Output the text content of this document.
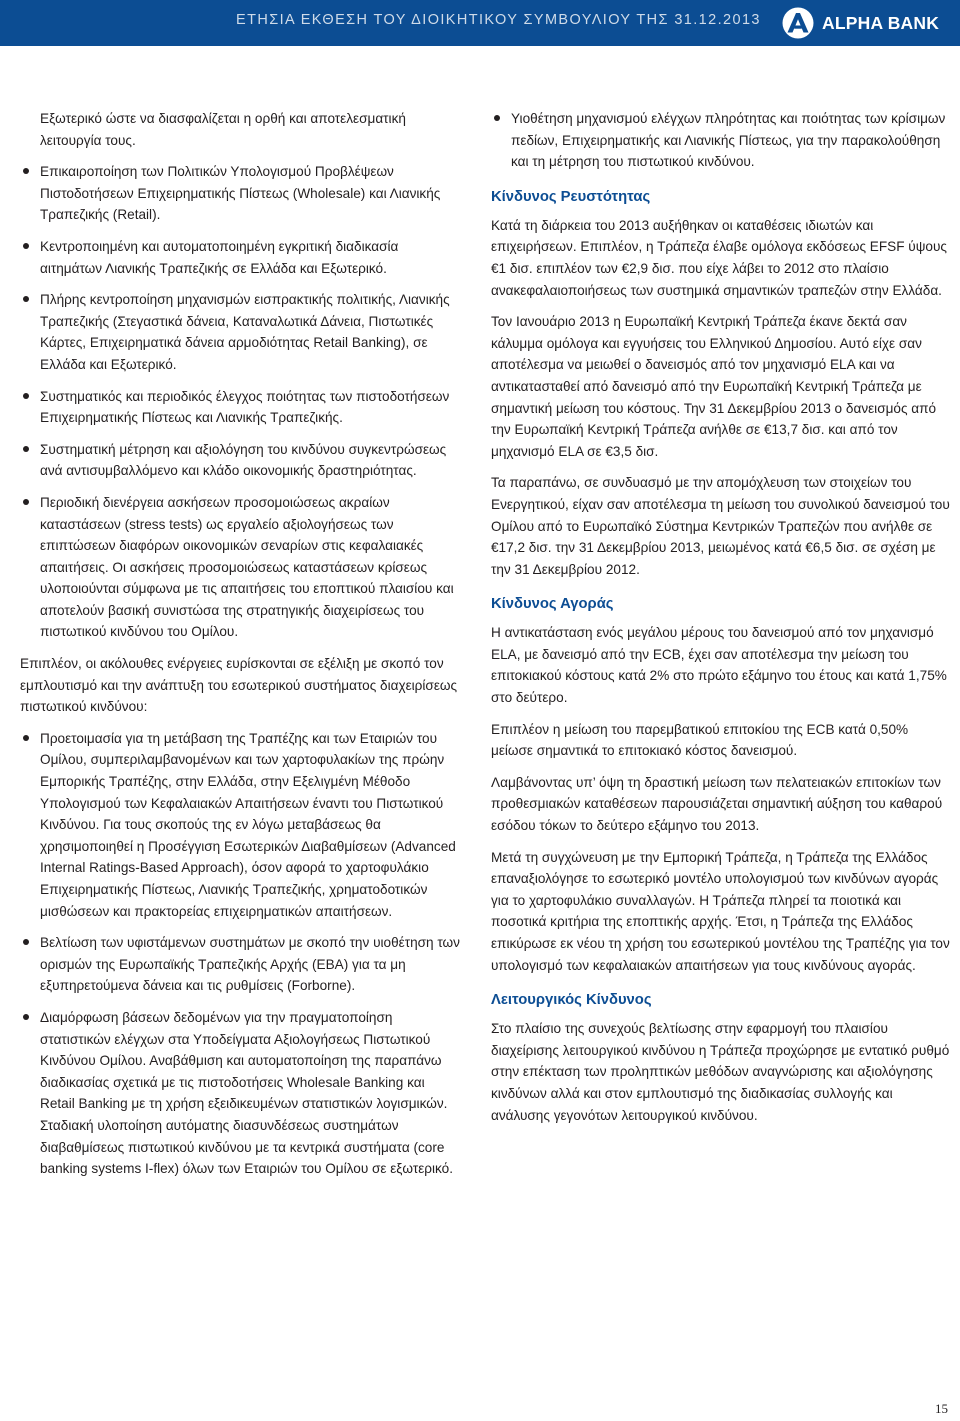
ΕΤΗΣΙΑ ΕΚΘΕΣΗ ΤΟΥ ΔΙΟΙΚΗΤΙΚΟΥ ΣΥΜΒΟΥΛΙΟΥ ΤΗΣ 31.12.2013	ALPHA BANK

Εξωτερικό ώστε να διασφαλίζεται η ορθή και αποτελεσματική λειτουργία τους.

Επικαιροποίηση των Πολιτικών Υπολογισμού Προβλέψεων Πιστοδοτήσεων Επιχειρηματικής Πίστεως (Wholesale) και Λιανικής Τραπεζικής (Retail).
Κεντροποιημένη και αυτοματοποιημένη εγκριτική διαδικασία αιτημάτων Λιανικής Τραπεζικής σε Ελλάδα και Εξωτερικό.
Πλήρης κεντροποίηση μηχανισμών εισπρακτικής πολιτικής, Λιανικής Τραπεζικής (Στεγαστικά δάνεια, Καταναλωτικά Δάνεια, Πιστωτικές Κάρτες, Επιχειρηματικά δάνεια αρμοδιότητας Retail Banking), σε Ελλάδα και Εξωτερικό.
Συστηματικός και περιοδικός έλεγχος ποιότητας των πιστοδοτήσεων Επιχειρηματικής Πίστεως και Λιανικής Τραπεζικής.
Συστηματική μέτρηση και αξιολόγηση του κινδύνου συγκεντρώσεως ανά αντισυμβαλλόμενο και κλάδο οικονομικής δραστηριότητας.
Περιοδική διενέργεια ασκήσεων προσομοιώσεως ακραίων καταστάσεων (stress tests) ως εργαλείο αξιολογήσεως των επιπτώσεων διαφόρων οικονομικών σεναρίων στις κεφαλαιακές απαιτήσεις. Οι ασκήσεις προσομοιώσεως καταστάσεων κρίσεως υλοποιούνται σύμφωνα με τις απαιτήσεις του εποπτικού πλαισίου και αποτελούν βασική συνιστώσα της στρατηγικής διαχειρίσεως του πιστωτικού κινδύνου του Ομίλου.

Επιπλέον, οι ακόλουθες ενέργειες ευρίσκονται σε εξέλιξη με σκοπό τον εμπλουτισμό και την ανάπτυξη του εσωτερικού συστήματος διαχειρίσεως πιστωτικού κινδύνου:

Προετοιμασία για τη μετάβαση της Τραπέζης και των Εταιριών του Ομίλου, συμπεριλαμβανομένων και των χαρτοφυλακίων της πρώην Εμπορικής Τραπέζης, στην Ελλάδα, στην Εξελιγμένη Μέθοδο Υπολογισμού των Κεφαλαιακών Απαιτήσεων έναντι του Πιστωτικού Κινδύνου. Για τους σκοπούς της εν λόγω μεταβάσεως θα χρησιμοποιηθεί η Προσέγγιση Εσωτερικών Διαβαθμίσεων (Advanced Internal Ratings-Based Approach), όσον αφορά το χαρτοφυλάκιο Επιχειρηματικής Πίστεως, Λιανικής Τραπεζικής, χρηματοδοτικών μισθώσεων και πρακτορείας επιχειρηματικών απαιτήσεων.
Βελτίωση των υφιστάμενων συστημάτων με σκοπό την υιοθέτηση των ορισμών της Ευρωπαϊκής Τραπεζικής Αρχής (ΕΒΑ) για τα μη εξυπηρετούμενα δάνεια και τις ρυθμίσεις (Forborne).
Διαμόρφωση βάσεων δεδομένων για την πραγματοποίηση στατιστικών ελέγχων στα Υποδείγματα Αξιολογήσεως Πιστωτικού Κινδύνου Ομίλου. Αναβάθμιση και αυτοματοποίηση της παραπάνω διαδικασίας σχετικά με τις πιστοδοτήσεις Wholesale Banking και Retail Banking με τη χρήση εξειδικευμένων στατιστικών λογισμικών. Σταδιακή υλοποίηση αυτόματης διασυνδέσεως συστημάτων διαβαθμίσεως πιστωτικού κινδύνου με τα κεντρικά συστήματα (core banking systems I-flex) όλων των Εταιριών του Ομίλου σε εξωτερικό.
Υιοθέτηση μηχανισμού ελέγχων πληρότητας και ποιότητας των κρίσιμων πεδίων, Επιχειρηματικής και Λιανικής Πίστεως, για την παρακολούθηση και τη μέτρηση του πιστωτικού κινδύνου.
Κίνδυνος Ρευστότητας

Κατά τη διάρκεια του 2013 αυξήθηκαν οι καταθέσεις ιδιωτών και επιχειρήσεων. Επιπλέον, η Τράπεζα έλαβε ομόλογα εκδόσεως EFSF ύψους €1 δισ. επιπλέον των €2,9 δισ. που είχε λάβει το 2012 στο πλαίσιο ανακεφαλαιοποιήσεως των συστημικά σημαντικών τραπεζών στην Ελλάδα.

Τον Ιανουάριο 2013 η Ευρωπαϊκή Κεντρική Τράπεζα έκανε δεκτά σαν κάλυμμα ομόλογα και εγγυήσεις του Ελληνικού Δημοσίου. Αυτό είχε σαν αποτέλεσμα να μειωθεί ο δανεισμός από τον μηχανισμό ELA και να αντικατασταθεί από δανεισμό από την Ευρωπαϊκή Κεντρική Τράπεζα με σημαντική μείωση του κόστους. Την 31 Δεκεμβρίου 2013 ο δανεισμός από την Ευρωπαϊκή Κεντρική Τράπεζα ανήλθε σε €13,7 δισ. και από τον μηχανισμό ELA σε €3,5 δισ.

Τα παραπάνω, σε συνδυασμό με την απομόχλευση των στοιχείων του Ενεργητικού, είχαν σαν αποτέλεσμα τη μείωση του συνολικού δανεισμού του Ομίλου από το Ευρωπαϊκό Σύστημα Κεντρικών Τραπεζών που ανήλθε σε €17,2 δισ. την 31 Δεκεμβρίου 2013, μειωμένος κατά €6,5 δισ. σε σχέση με την 31 Δεκεμβρίου 2012.

Κίνδυνος Αγοράς

Η αντικατάσταση ενός μεγάλου μέρους του δανεισμού από τον μηχανισμό ELA, με δανεισμό από την ECB, έχει σαν αποτέλεσμα την μείωση του επιτοκιακού κόστους κατά 2% στο πρώτο εξάμηνο του έτους και κατά 1,75% στο δεύτερο.

Επιπλέον η μείωση του παρεμβατικού επιτοκίου της ECB κατά 0,50% μείωσε σημαντικά το επιτοκιακό κόστος δανεισμού.

Λαμβάνοντας υπ’ όψη τη δραστική μείωση των πελατειακών επιτοκίων των προθεσμιακών καταθέσεων παρουσιάζεται σημαντική αύξηση του καθαρού εσόδου τόκων το δεύτερο εξάμηνο του 2013.

Μετά τη συγχώνευση με την Εμπορική Τράπεζα, η Τράπεζα της Ελλάδος επαναξιολόγησε το εσωτερικό μοντέλο υπολογισμού των κινδύνων αγοράς για το χαρτοφυλάκιο συναλλαγών. Η Τράπεζα πληρεί τα ποιοτικά και ποσοτικά κριτήρια της εποπτικής αρχής. Έτσι, η Τράπεζα της Ελλάδος επικύρωσε εκ νέου τη χρήση του εσωτερικού μοντέλου της Τραπέζης για τον υπολογισμό των κεφαλαιακών απαιτήσεων για τους κινδύνους αγοράς.

Λειτουργικός Κίνδυνος

Στο πλαίσιο της συνεχούς βελτίωσης στην εφαρμογή του πλαισίου διαχείρισης λειτουργικού κινδύνου η Τράπεζα προχώρησε με εντατικό ρυθμό στην επέκταση των προληπτικών μεθόδων αναγνώρισης και αξιολόγησης κινδύνων αλλά και στον εμπλουτισμό της διαδικασίας συλλογής και ανάλυσης γεγονότων λειτουργικού κινδύνου.

15
